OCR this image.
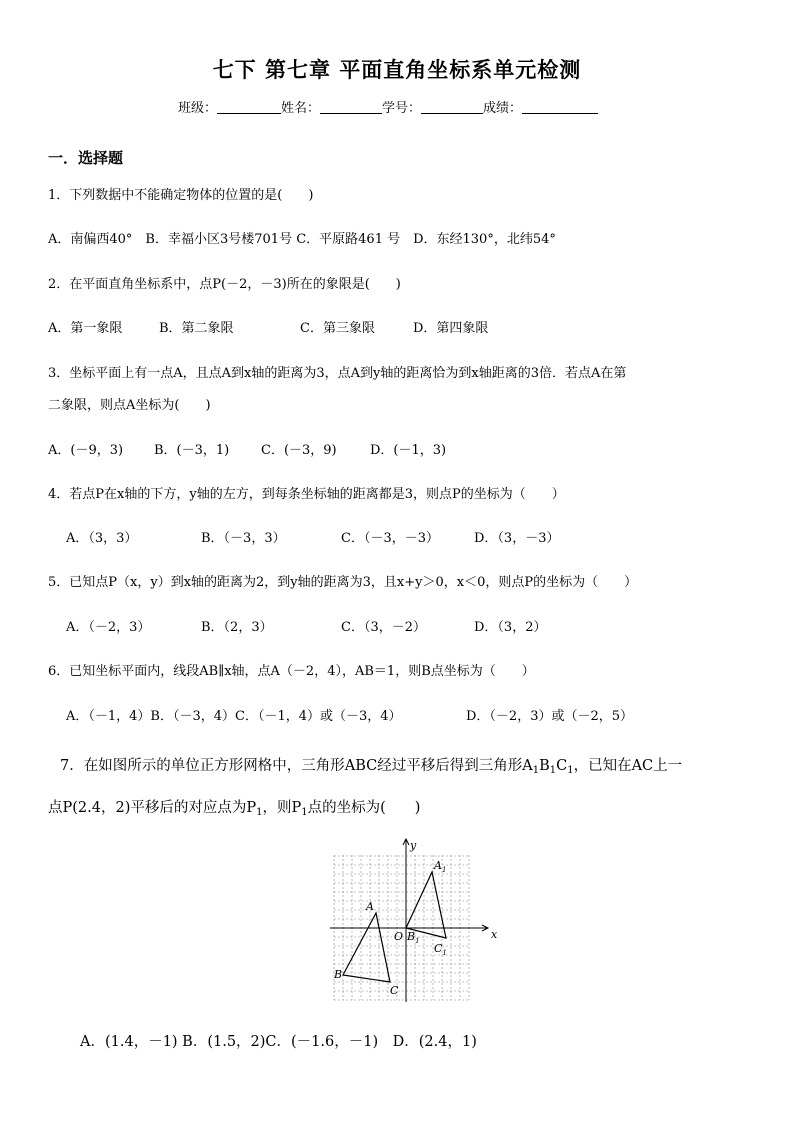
七下 第七章 平面直角坐标系单元检测
班级：	姓名：	学号：	成绩：
一．选择题
1．下列数据中不能确定物体的位置的是(　　)
A．南偏西40°　B．幸福小区3号楼701号 C．平原路461 号　D．东经130°，北纬54°
2．在平面直角坐标系中，点P(－2，－3)所在的象限是(　　)
A．第一象限	B．第二象限	C．第三象限	D．第四象限
3．坐标平面上有一点A，且点A到x轴的距离为3，点A到y轴的距离恰为到x轴距离的3倍．若点A在第
二象限，则点A坐标为(　　)
A．(－9，3) B．(－3，1) C．(－3，9)	D．(－1，3)
4．若点P在x轴的下方，y轴的左方，到每条坐标轴的距离都是3，则点P的坐标为（　　）
A．（3，3）	B．（－3，3）	C．（－3，－3）	D．（3，－3）
5．已知点P（x，y）到x轴的距离为2，到y轴的距离为3，且x+y＞0，x＜0，则点P的坐标为（　　）
A．（－2，3）	B．（2，3）	C．（3，－2）	D．（3，2）
6．已知坐标平面内，线段AB∥x轴，点A（－2，4），AB＝1，则B点坐标为（　　）
A．（－1，4）B．（－3，4）C．（－1，4）或（－3，4）	D．（－2，3）或（－2，5）
7．在如图所示的单位正方形网格中，三角形ABC经过平移后得到三角形$A_1B_1C_1$，已知在AC上一
点P(2.4，2)平移后的对应点为$P_1$，则$P_1$点的坐标为(　　)
x
y
O
A
B
C
$A_1$
$B_1$
$C_1$
A．(1.4，－1) B．(1.5，2)C．(－1.6，－1)　D．(2.4，1)
